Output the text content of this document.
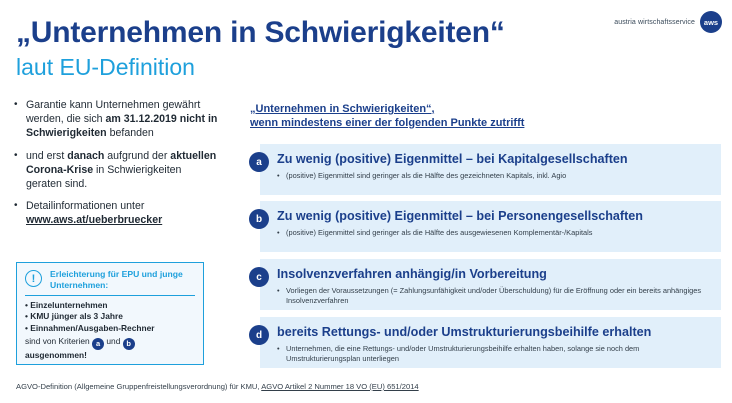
austria wirtschaftsservice	aws
„Unternehmen in Schwierigkeiten“
laut EU-Definition
• Garantie kann Unternehmen gewährt werden, die sich am 31.12.2019 nicht in Schwierigkeiten befanden
• und erst danach aufgrund der aktuellen Corona-Krise in Schwierigkeiten geraten sind.
• Detailinformationen unter www.aws.at/ueberbruecker
!	Erleichterung für EPU und junge Unternehmen:
• Einzelunternehmen
• KMU jünger als 3 Jahre
• Einnahmen/Ausgaben-Rechner
sind von Kriterien a und b
ausgenommen!
„Unternehmen in Schwierigkeiten“,
wenn mindestens einer der folgenden Punkte zutrifft
a	Zu wenig (positive) Eigenmittel – bei Kapitalgesellschaften
• (positive) Eigenmittel sind geringer als die Hälfte des gezeichneten Kapitals, inkl. Agio
b	Zu wenig (positive) Eigenmittel – bei Personengesellschaften
• (positive) Eigenmittel sind geringer als die Hälfte des ausgewiesenen Komplementär-/Kapitals
c	Insolvenzverfahren anhängig/in Vorbereitung
• Vorliegen der Voraussetzungen (= Zahlungsunfähigkeit und/oder Überschuldung) für die Eröffnung oder ein bereits anhängiges Insolvenzverfahren
d	bereits Rettungs- und/oder Umstrukturierungsbeihilfe erhalten
• Unternehmen, die eine Rettungs- und/oder Umstrukturierungsbeihilfe erhalten haben, solange sie noch dem Umstrukturierungsplan unterliegen
AGVO-Definition (Allgemeine Gruppenfreistellungsverordnung) für KMU, AGVO Artikel 2 Nummer 18 VO (EU) 651/2014
